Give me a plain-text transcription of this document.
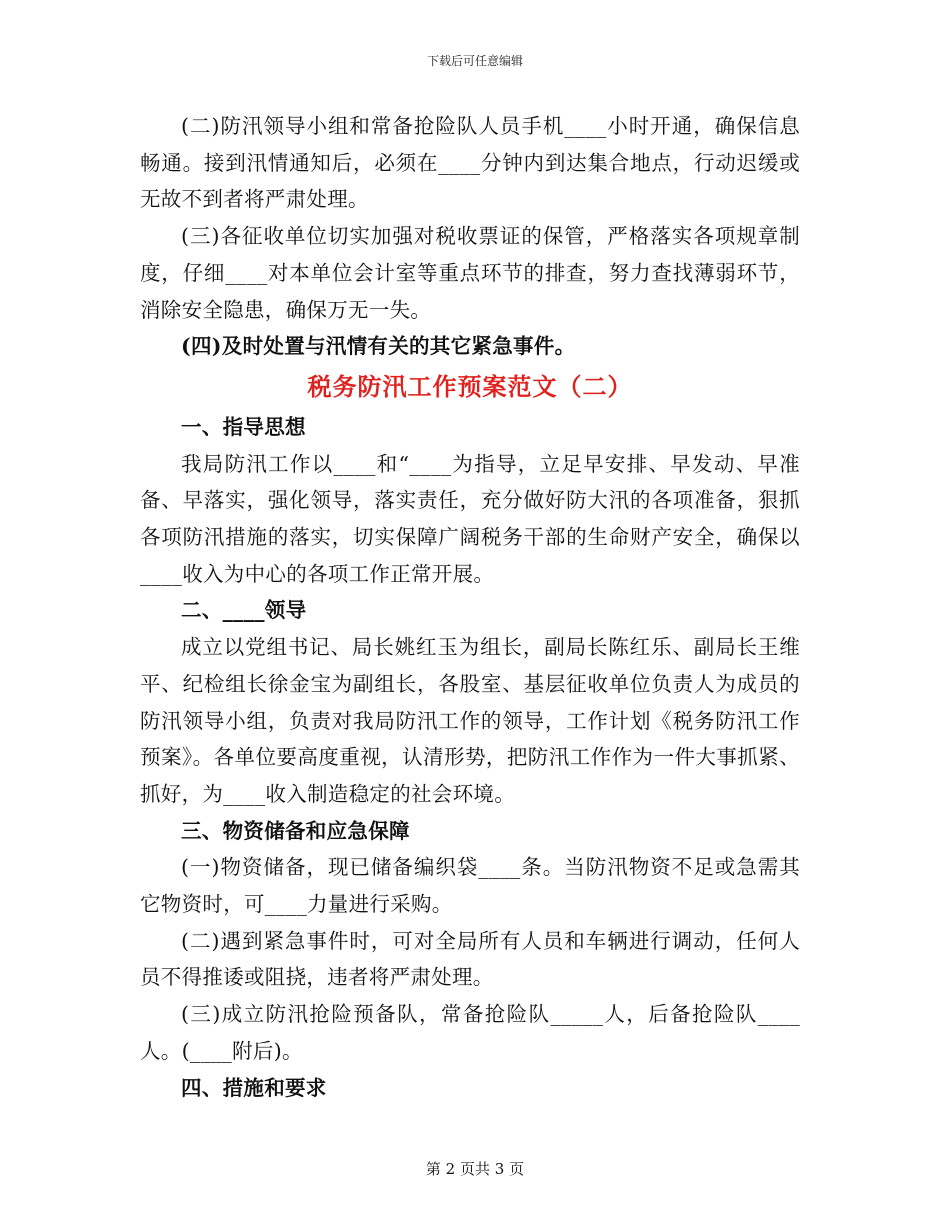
下载后可任意编辑

(二)防汛领导小组和常备抢险队人员手机____小时开通，确保信息畅通。接到汛情通知后，必须在____分钟内到达集合地点，行动迟缓或无故不到者将严肃处理。

(三)各征收单位切实加强对税收票证的保管，严格落实各项规章制度，仔细____对本单位会计室等重点环节的排查，努力查找薄弱环节，消除安全隐患，确保万无一失。

(四)及时处置与汛情有关的其它紧急事件。

税务防汛工作预案范文（二）

一、指导思想

我局防汛工作以____和“____为指导，立足早安排、早发动、早准备、早落实，强化领导，落实责任，充分做好防大汛的各项准备，狠抓各项防汛措施的落实，切实保障广阔税务干部的生命财产安全，确保以____收入为中心的各项工作正常开展。

二、____领导

成立以党组书记、局长姚红玉为组长，副局长陈红乐、副局长王维平、纪检组长徐金宝为副组长，各股室、基层征收单位负责人为成员的防汛领导小组，负责对我局防汛工作的领导，工作计划《税务防汛工作预案》。各单位要高度重视，认清形势，把防汛工作作为一件大事抓紧、抓好，为____收入制造稳定的社会环境。

三、物资储备和应急保障

(一)物资储备，现已储备编织袋____条。当防汛物资不足或急需其它物资时，可____力量进行采购。

(二)遇到紧急事件时，可对全局所有人员和车辆进行调动，任何人员不得推诿或阻挠，违者将严肃处理。

(三)成立防汛抢险预备队，常备抢险队_____人，后备抢险队____人。(____附后)。

四、措施和要求

第 2 页共 3 页
